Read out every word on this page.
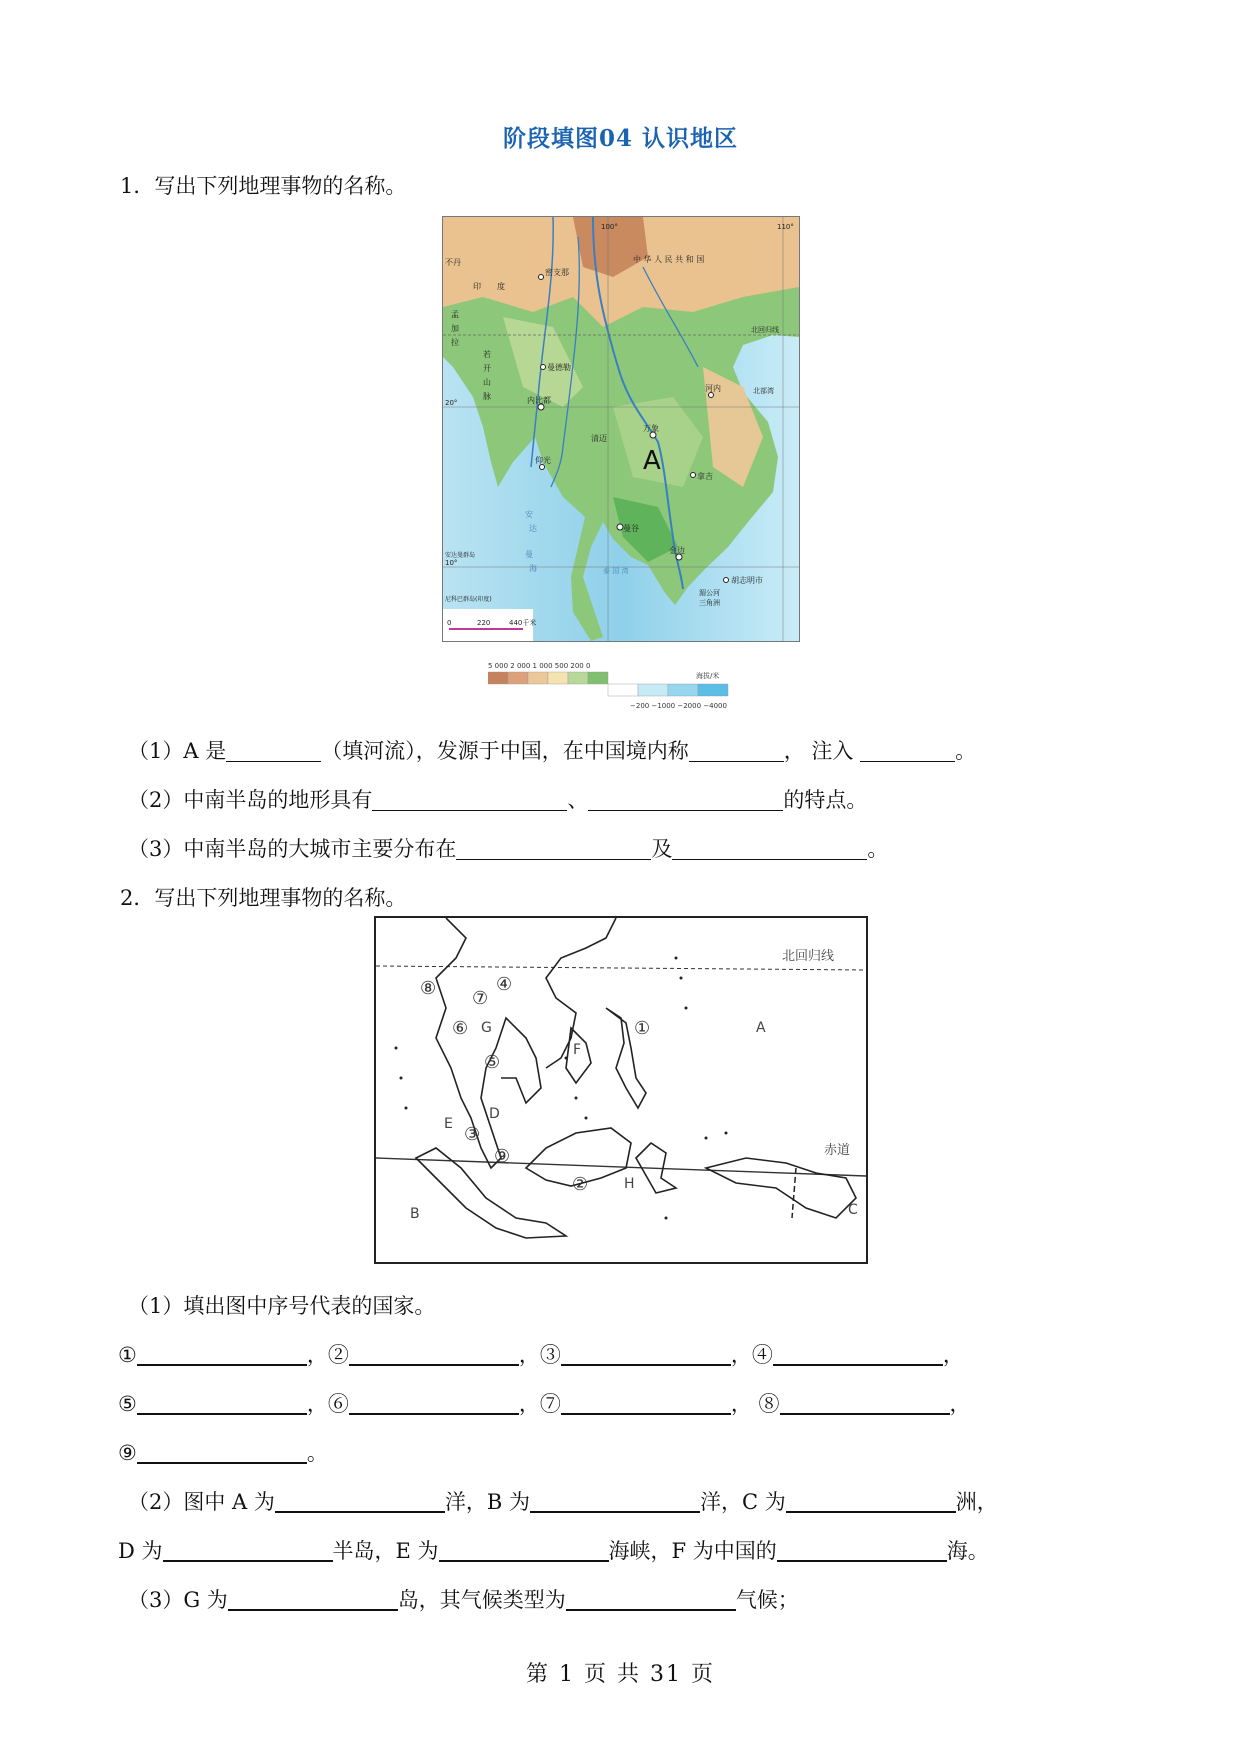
阶段填图04 认识地区
1．写出下列地理事物的名称。
中 华 人 民 共 和 国
不丹
印 度
密支那
孟
加
拉
若
开
山
脉
曼德勒
内比都
清迈
万象
河内
北回归线
北部湾
仰光
拿吉
曼谷
金边
胡志明市
湄公河
三角洲
安达曼群岛
尼科巴群岛(印度)
安
达
曼
海	泰 国 湾
100°	110°
20°
10°
0	220	440千米
A
5 000 2 000 1 000 500 200 0
海拔/米
−200 −1000 −2000 −4000
（1）A 是	（填河流），发源于中国，在中国境内称	， 注入	。
（2）中南半岛的地形具有	、	的特点。
（3）中南半岛的大城市主要分布在	及	。
2．写出下列地理事物的名称。
北回归线
赤道
A
B	C
D
E
F
G
H
①
②
③
④
⑤
⑥
⑦
⑧
⑨
（1）填出图中序号代表的国家。
①	，②	，③	，④	，
⑤	，⑥	，⑦	， ⑧	，
⑨	。
（2）图中 A 为	洋，B 为	洋，C 为	洲，
D 为	半岛，E 为	海峡，F 为中国的	海。
（3）G 为	岛，其气候类型为	气候；
第 1 页 共 31 页
